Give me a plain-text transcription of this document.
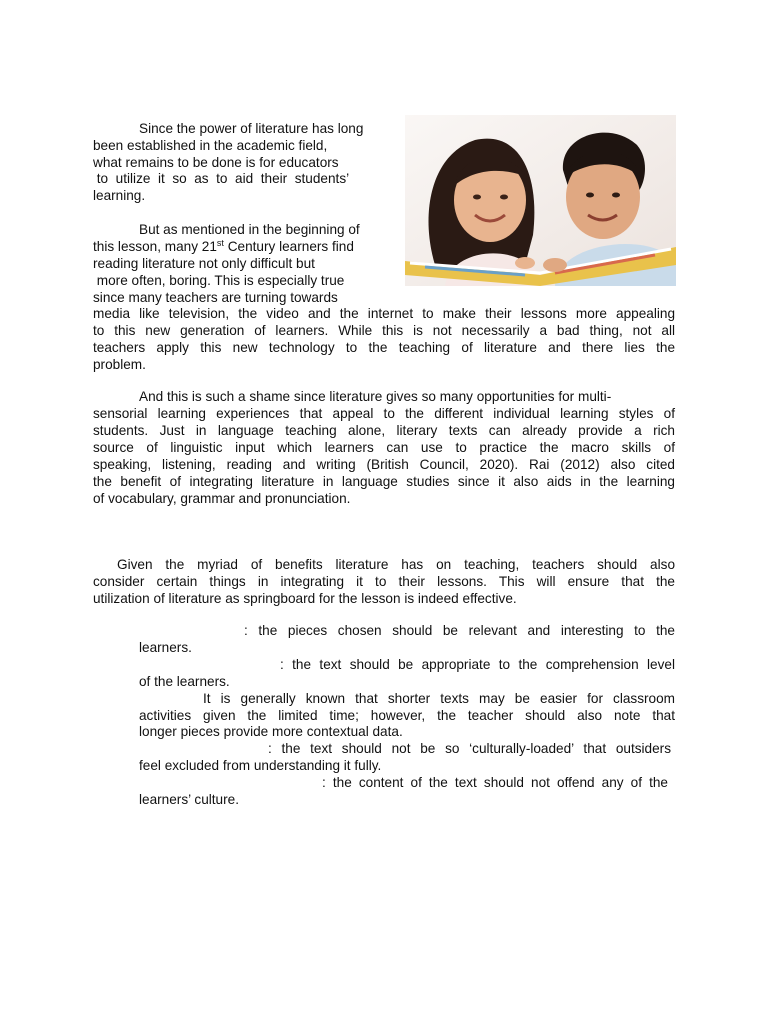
Since the power of literature has long

been established in the academic field,

what remains to be done is for educators

to  utilize  it  so  as  to  aid  their  students’

learning.

But as mentioned in the beginning of

this lesson, many 21st Century learners find

reading literature not only difficult but

more often, boring. This is especially true

since many teachers are turning towards

media like television, the video and the internet to make their lessons more appealing

to this new generation of learners. While this is not necessarily a bad thing, not all

teachers apply this new technology to the teaching of literature and there lies the

problem.

And this is such a shame since literature gives so many opportunities for multi-

sensorial learning experiences that appeal to the different individual learning styles of

students. Just in language teaching alone, literary texts can already provide a rich

source of linguistic input which learners can use to practice the macro skills of

speaking, listening, reading and writing (British Council, 2020). Rai (2012) also cited

the benefit of integrating literature in language studies since it also aids in the learning

of vocabulary, grammar and pronunciation.

Given the myriad of benefits literature has on teaching, teachers should also

consider certain things in integrating it to their lessons. This will ensure that the

utilization of literature as springboard for the lesson is indeed effective.

: the pieces chosen should be relevant and interesting to the

learners.

: the text should be appropriate to the comprehension level

of the learners.

It is generally known that shorter texts may be easier for classroom

activities given the limited time; however, the teacher should also note that

longer pieces provide more contextual data.

: the text should not be so ‘culturally-loaded’ that outsiders

feel excluded from understanding it fully.

: the content of the text should not offend any of the

learners’ culture.
